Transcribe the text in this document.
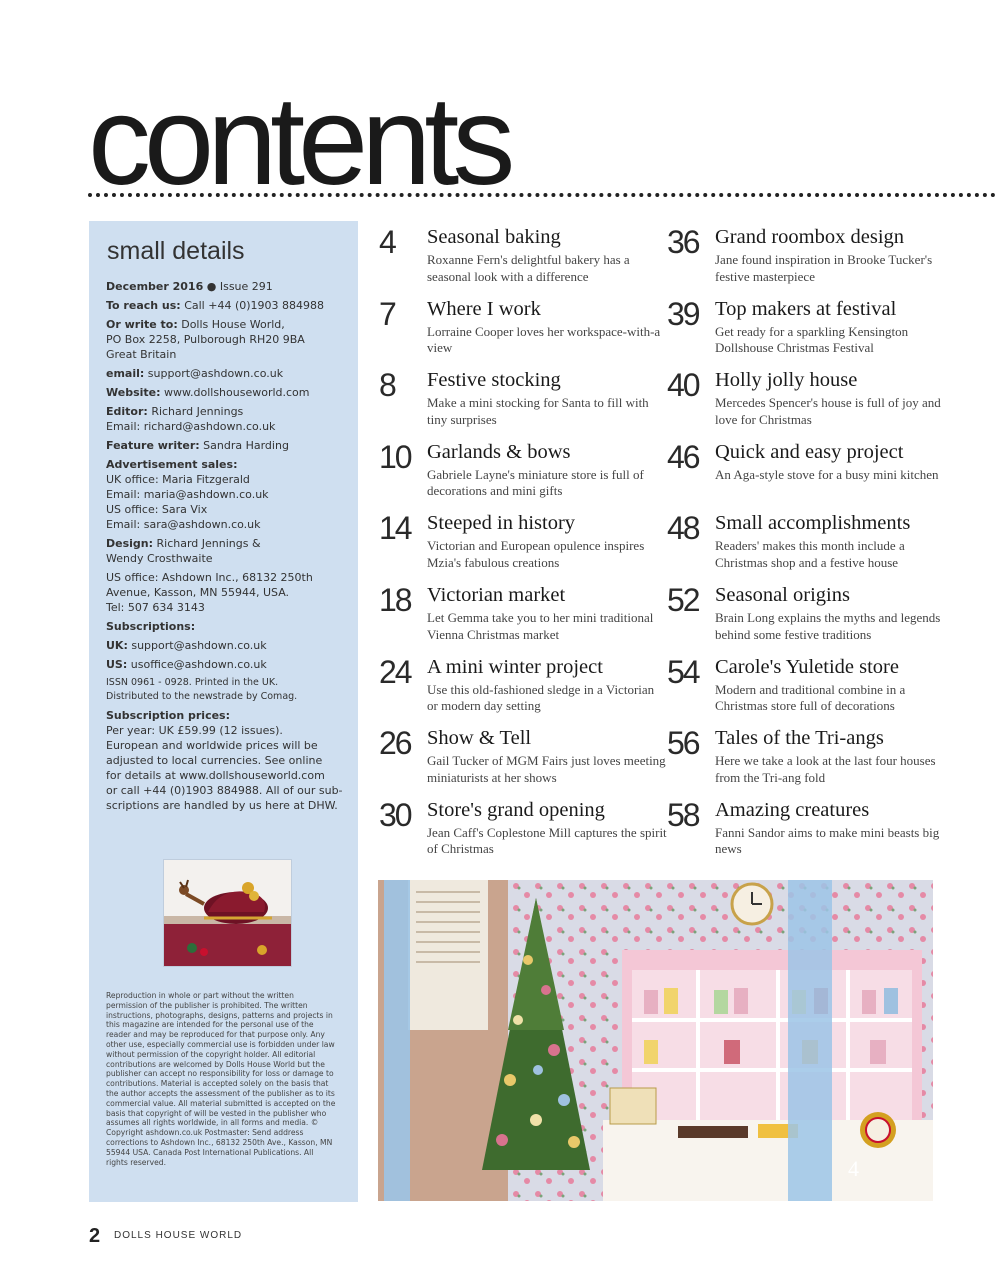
contents
small details
December 2016 ● Issue 291
To reach us: Call +44 (0)1903 884988
Or write to: Dolls House World,
PO Box 2258, Pulborough RH20 9BA
Great Britain
email: support@ashdown.co.uk
Website: www.dollshouseworld.com
Editor: Richard Jennings
Email: richard@ashdown.co.uk
Feature writer: Sandra Harding
Advertisement sales:
UK office: Maria Fitzgerald
Email: maria@ashdown.co.uk
US office: Sara Vix
Email: sara@ashdown.co.uk
Design: Richard Jennings &
Wendy Crosthwaite
US office: Ashdown Inc., 68132 250th
Avenue, Kasson, MN 55944, USA.
Tel: 507 634 3143
Subscriptions:
UK: support@ashdown.co.uk
US: usoffice@ashdown.co.uk
ISSN 0961 - 0928. Printed in the UK.
Distributed to the newstrade by Comag.
Subscription prices:
Per year: UK £59.99 (12 issues).
European and worldwide prices will be
adjusted to local currencies. See online
for details at www.dollshouseworld.com
or call +44 (0)1903 884988. All of our sub-
scriptions are handled by us here at DHW.
Reproduction in whole or part without the written permission of the publisher is prohibited. The written instructions, photographs, designs, patterns and projects in this magazine are intended for the personal use of the reader and may be reproduced for that purpose only. Any other use, especially commercial use is forbidden under law without permission of the copyright holder. All editorial contributions are welcomed by Dolls House World but the publisher can accept no responsibility for loss or damage to contributions. Material is accepted solely on the basis that the author accepts the assessment of the publisher as to its commercial value. All material submitted is accepted on the basis that copyright of will be vested in the publisher who assumes all rights worldwide, in all forms and media. © Copyright ashdown.co.uk Postmaster: Send address corrections to Ashdown Inc., 68132 250th Ave., Kasson, MN 55944 USA. Canada Post International Publications. All rights reserved.
4 Seasonal baking
Roxanne Fern's delightful bakery has a seasonal look with a difference
7 Where I work
Lorraine Cooper loves her workspace-with-a view
8 Festive stocking
Make a mini stocking for Santa to fill with tiny surprises
10 Garlands & bows
Gabriele Layne's miniature store is full of decorations and mini gifts
14 Steeped in history
Victorian and European opulence inspires Mzia's fabulous creations
18 Victorian market
Let Gemma take you to her mini traditional Vienna Christmas market
24 A mini winter project
Use this old-fashioned sledge in a Victorian or modern day setting
26 Show & Tell
Gail Tucker of MGM Fairs just loves meeting miniaturists at her shows
30 Store's grand opening
Jean Caff's Coplestone Mill captures the spirit of Christmas
36 Grand roombox design
Jane found inspiration in Brooke Tucker's festive masterpiece
39 Top makers at festival
Get ready for a sparkling Kensington Dollshouse Christmas Festival
40 Holly jolly house
Mercedes Spencer's house is full of joy and love for Christmas
46 Quick and easy project
An Aga-style stove for a busy mini kitchen
48 Small accomplishments
Readers' makes this month include a Christmas shop and a festive house
52 Seasonal origins
Brain Long explains the myths and legends behind some festive traditions
54 Carole's Yuletide store
Modern and traditional combine in a Christmas store full of decorations
56 Tales of the Tri-angs
Here we take a look at the last four houses from the Tri-ang fold
58 Amazing creatures
Fanni Sandor aims to make mini beasts big news
4
2 DOLLS HOUSE WORLD
